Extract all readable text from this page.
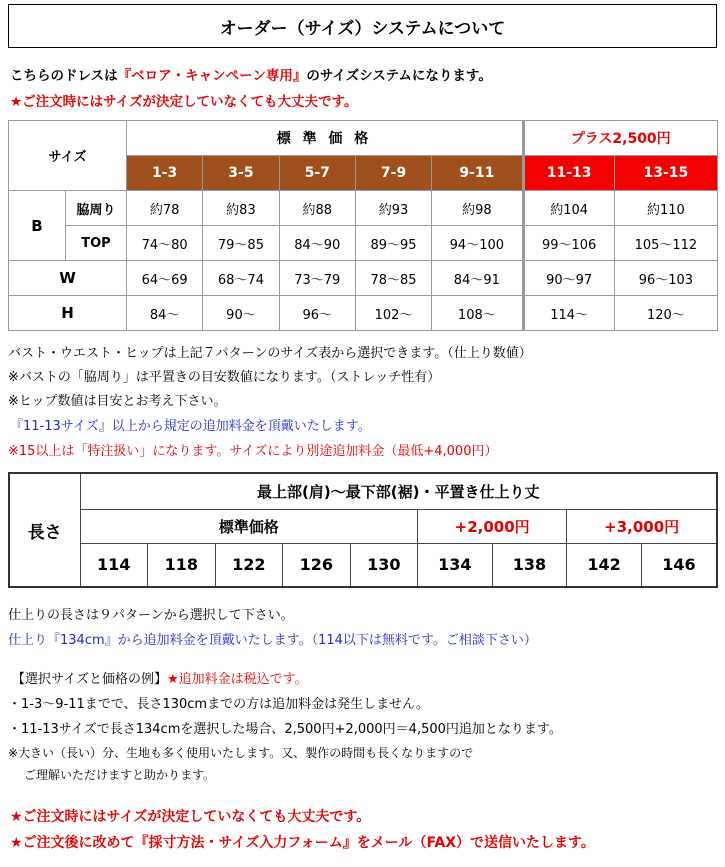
オーダー（サイズ）システムについて
こちらのドレスは『ベロア・キャンペーン専用』のサイズシステムになります。
★ご注文時にはサイズが決定していなくても大丈夫です。
サイズ		標 準 価 格					プラス2,500円	
		1-3	3-5	5-7	7-9	9-11	11-13	13-15
B	脇周り	約78	約83	約88	約93	約98	約104	約110
	TOP	74～80	79～85	84～90	89～95	94～100	99～106	105～112
W		64～69	68～74	73～79	78～85	84～91	90～97	96～103
H		84～	90～	96～	102～	108～	114～	120～
バスト・ウエスト・ヒップは上記７パターンのサイズ表から選択できます。（仕上り数値）
※バストの「脇周り」は平置きの目安数値になります。（ストレッチ性有）
※ヒップ数値は目安とお考え下さい。
『11-13サイズ』以上から規定の追加料金を頂戴いたします。
※15以上は「特注扱い」になります。サイズにより別途追加料金（最低+4,000円）
長さ	最上部(肩)～最下部(裾)・平置き仕上り丈								
	標準価格					+2,000円		+3,000円	
	114	118	122	126	130	134	138	142	146
仕上りの長さは９パターンから選択して下さい。
仕上り『134cm』から追加料金を頂戴いたします。（114以下は無料です。ご相談下さい）
【選択サイズと価格の例】★追加料金は税込です。
・1-3～9-11までで、長さ130cmまでの方は追加料金は発生しません。
・11-13サイズで長さ134cmを選択した場合、2,500円+2,000円＝4,500円追加となります。
※大きい（長い）分、生地も多く使用いたします。又、製作の時間も長くなりますので
ご理解いただけますと助かります。
★ご注文時にはサイズが決定していなくても大丈夫です。
★ご注文後に改めて『採寸方法・サイズ入力フォーム』をメール（FAX）で送信いたします。
